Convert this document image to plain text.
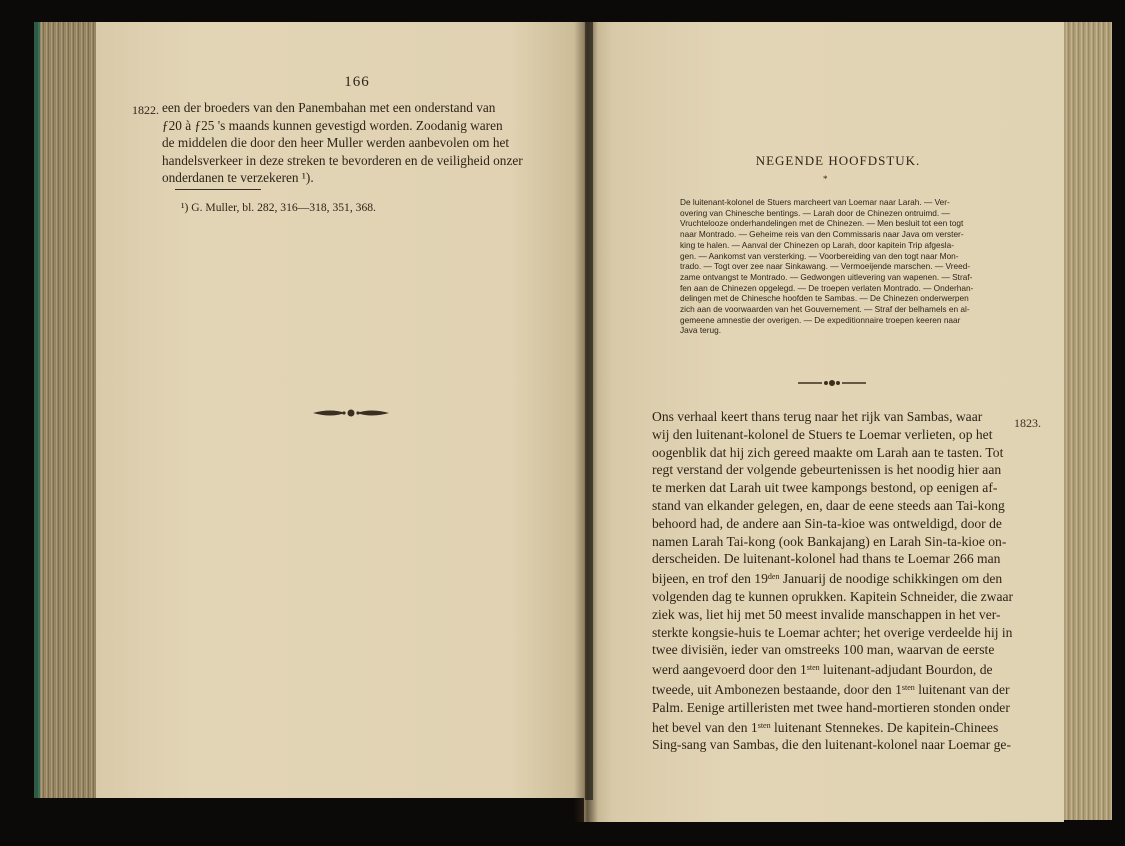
166
1822. een der broeders van den Panembahan met een onderstand van
ƒ20 à ƒ25 's maands kunnen gevestigd worden. Zoodanig waren
de middelen die door den heer Muller werden aanbevolen om het
handelsverkeer in deze streken te bevorderen en de veiligheid onzer
onderdanen te verzekeren ¹).
¹) G. Muller, bl. 282, 316—318, 351, 368.
NEGENDE HOOFDSTUK.
*
De luitenant-kolonel de Stuers marcheert van Loemar naar Larah. — Ver-
overing van Chinesche bentings. — Larah door de Chinezen ontruimd. —
Vruchtelooze onderhandelingen met de Chinezen. — Men besluit tot een togt
naar Montrado. — Geheime reis van den Commissaris naar Java om verster-
king te halen. — Aanval der Chinezen op Larah, door kapitein Trip afgesla-
gen. — Aankomst van versterking. — Voorbereiding van den togt naar Mon-
trado. — Togt over zee naar Sinkawang. — Vermoeijende marschen. — Vreed-
zame ontvangst te Montrado. — Gedwongen uitlevering van wapenen. — Straf-
fen aan de Chinezen opgelegd. — De troepen verlaten Montrado. — Onderhan-
delingen met de Chinesche hoofden te Sambas. — De Chinezen onderwerpen
zich aan de voorwaarden van het Gouvernement. — Straf der belhamels en al-
gemeene amnestie der overigen. — De expeditionnaire troepen keeren naar
Java terug.
1823.
Ons verhaal keert thans terug naar het rijk van Sambas, waar
wij den luitenant-kolonel de Stuers te Loemar verlieten, op het
oogenblik dat hij zich gereed maakte om Larah aan te tasten. Tot
regt verstand der volgende gebeurtenissen is het noodig hier aan
te merken dat Larah uit twee kampongs bestond, op eenigen af-
stand van elkander gelegen, en, daar de eene steeds aan Tai-kong
behoord had, de andere aan Sin-ta-kioe was ontweldigd, door de
namen Larah Tai-kong (ook Bankajang) en Larah Sin-ta-kioe on-
derscheiden. De luitenant-kolonel had thans te Loemar 266 man
bijeen, en trof den $19^{den}$ Januarij de noodige schikkingen om den
volgenden dag te kunnen oprukken. Kapitein Schneider, die zwaar
ziek was, liet hij met 50 meest invalide manschappen in het ver-
sterkte kongsie-huis te Loemar achter; het overige verdeelde hij in
twee divisiën, ieder van omstreeks 100 man, waarvan de eerste
werd aangevoerd door den $1^{sten}$ luitenant-adjudant Bourdon, de
tweede, uit Ambonezen bestaande, door den $1^{sten}$ luitenant van der
Palm. Eenige artilleristen met twee hand-mortieren stonden onder
het bevel van den $1^{sten}$ luitenant Stennekes. De kapitein-Chinees
Sing-sang van Sambas, die den luitenant-kolonel naar Loemar ge-
